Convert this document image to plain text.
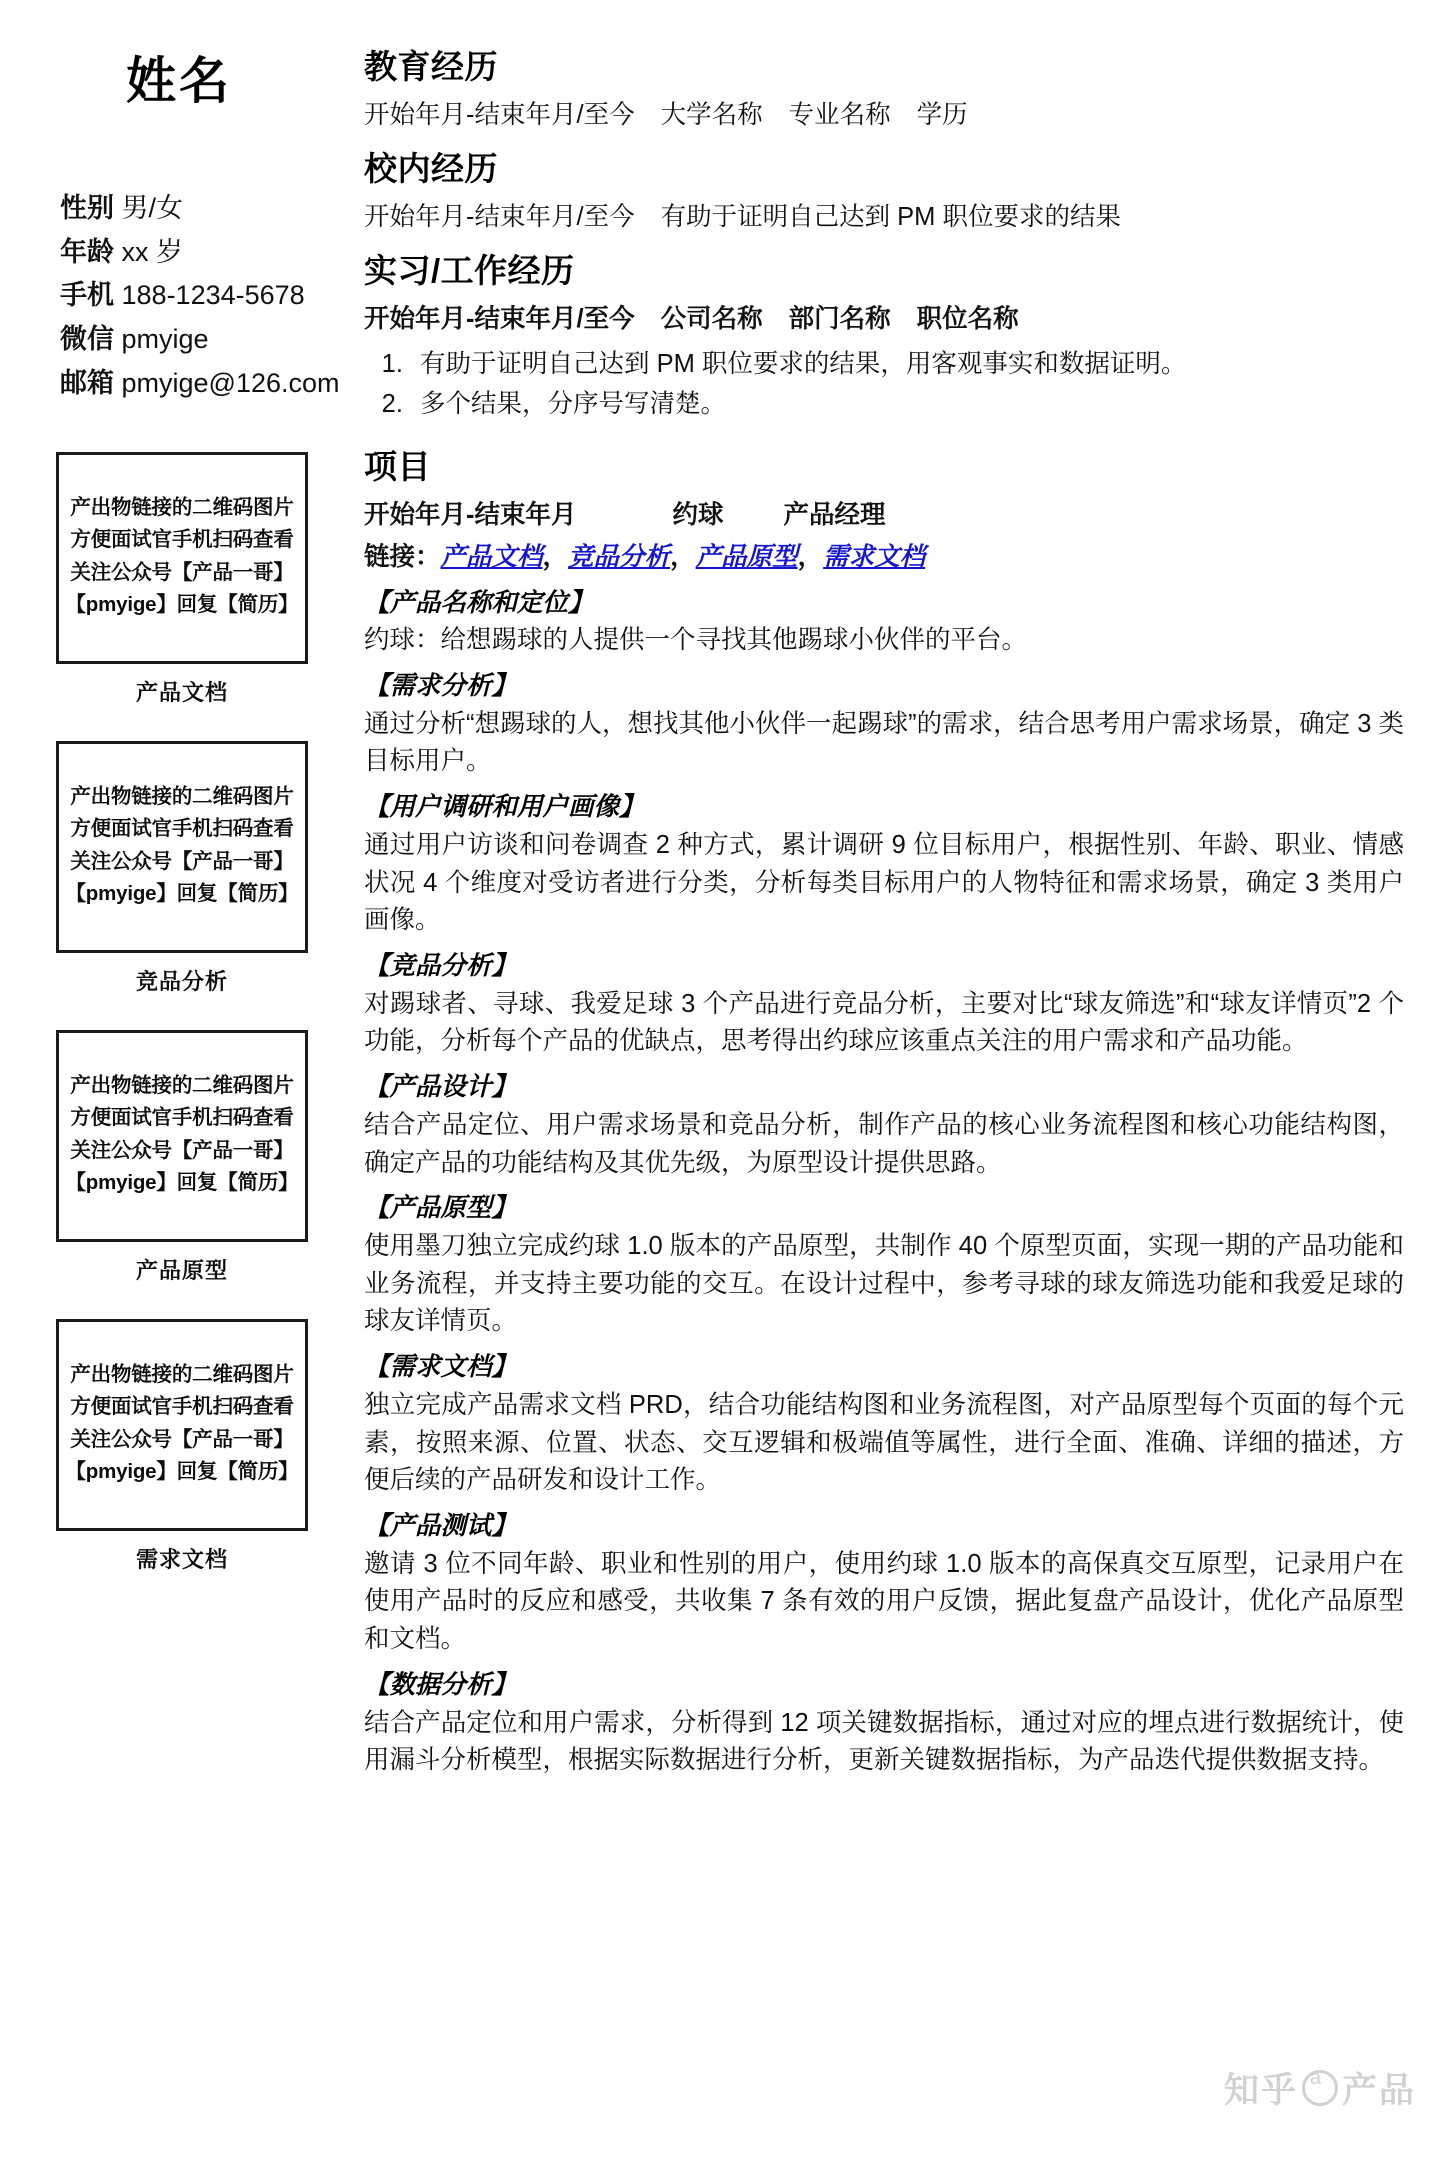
姓名
性别 男/女
年龄 xx 岁
手机 188-1234-5678
微信 pmyige
邮箱 pmyige@126.com
产出物链接的二维码图片
方便面试官手机扫码查看
关注公众号【产品一哥】
【pmyige】回复【简历】
产品文档
产出物链接的二维码图片
方便面试官手机扫码查看
关注公众号【产品一哥】
【pmyige】回复【简历】
竞品分析
产出物链接的二维码图片
方便面试官手机扫码查看
关注公众号【产品一哥】
【pmyige】回复【简历】
产品原型
产出物链接的二维码图片
方便面试官手机扫码查看
关注公众号【产品一哥】
【pmyige】回复【简历】
需求文档
教育经历

开始年月-结束年月/至今 大学名称 专业名称 学历

校内经历

开始年月-结束年月/至今 有助于证明自己达到 PM 职位要求的结果

实习/工作经历

开始年月-结束年月/至今 公司名称 部门名称 职位名称

1. 有助于证明自己达到 PM 职位要求的结果，用客观事实和数据证明。
2. 多个结果，分序号写清楚。
项目

开始年月-结束年月	约球 产品经理

链接：产品文档，竞品分析，产品原型，需求文档

【产品名称和定位】

约球：给想踢球的人提供一个寻找其他踢球小伙伴的平台。

【需求分析】

通过分析“想踢球的人，想找其他小伙伴一起踢球”的需求，结合思考用户需求场景，确定 3 类目标用户。

【用户调研和用户画像】

通过用户访谈和问卷调查 2 种方式，累计调研 9 位目标用户，根据性别、年龄、职业、情感状况 4 个维度对受访者进行分类，分析每类目标用户的人物特征和需求场景，确定 3 类用户画像。

【竞品分析】

对踢球者、寻球、我爱足球 3 个产品进行竞品分析，主要对比“球友筛选”和“球友详情页”2 个功能，分析每个产品的优缺点，思考得出约球应该重点关注的用户需求和产品功能。

【产品设计】

结合产品定位、用户需求场景和竞品分析，制作产品的核心业务流程图和核心功能结构图，确定产品的功能结构及其优先级，为原型设计提供思路。

【产品原型】

使用墨刀独立完成约球 1.0 版本的产品原型，共制作 40 个原型页面，实现一期的产品功能和业务流程，并支持主要功能的交互。在设计过程中，参考寻球的球友筛选功能和我爱足球的球友详情页。

【需求文档】

独立完成产品需求文档 PRD，结合功能结构图和业务流程图，对产品原型每个页面的每个元素，按照来源、位置、状态、交互逻辑和极端值等属性，进行全面、准确、详细的描述，方便后续的产品研发和设计工作。

【产品测试】

邀请 3 位不同年龄、职业和性别的用户，使用约球 1.0 版本的高保真交互原型，记录用户在使用产品时的反应和感受，共收集 7 条有效的用户反馈，据此复盘产品设计，优化产品原型和文档。

【数据分析】

结合产品定位和用户需求，分析得到 12 项关键数据指标，通过对应的埋点进行数据统计，使用漏斗分析模型，根据实际数据进行分析，更新关键数据指标，为产品迭代提供数据支持。

知乎 a 产品
